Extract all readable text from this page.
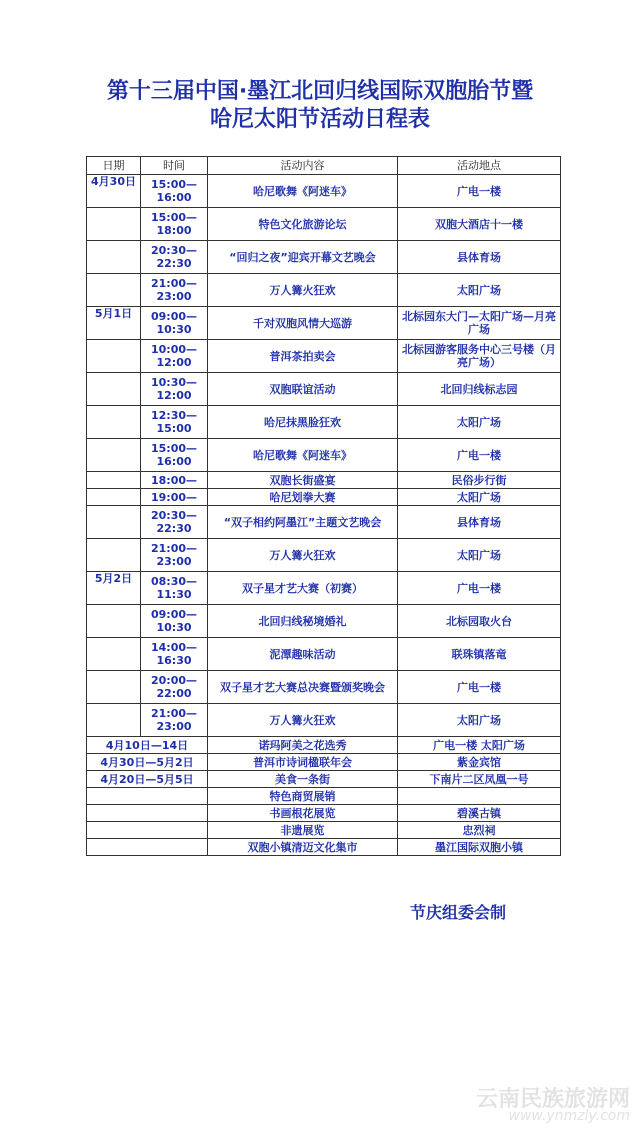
第十三届中国·墨江北回归线国际双胞胎节暨
哈尼太阳节活动日程表
日期	时间	活动内容	活动地点
4月30日	15:00—16:00	哈尼歌舞《阿迷车》	广电一楼
	15:00—18:00	特色文化旅游论坛	双胞大酒店十一楼
	20:30—22:30	“回归之夜”迎宾开幕文艺晚会	县体育场
	21:00—23:00	万人篝火狂欢	太阳广场
5月1日	09:00—10:30	千对双胞风情大巡游	北标园东大门—太阳广场—月亮广场
	10:00—12:00	普洱茶拍卖会	北标园游客服务中心三号楼（月亮广场）
	10:30—12:00	双胞联谊活动	北回归线标志园
	12:30—15:00	哈尼抹黑脸狂欢	太阳广场
	15:00—16:00	哈尼歌舞《阿迷车》	广电一楼
	18:00—	双胞长街盛宴	民俗步行街
	19:00—	哈尼划拳大赛	太阳广场
	20:30—22:30	“双子相约阿墨江”主题文艺晚会	县体育场
	21:00—23:00	万人篝火狂欢	太阳广场
5月2日	08:30—11:30	双子星才艺大赛（初赛）	广电一楼
	09:00—10:30	北回归线秘境婚礼	北标园取火台
	14:00—16:30	泥潭趣味活动	联珠镇落竜
	20:00—22:00	双子星才艺大赛总决赛暨颁奖晚会	广电一楼
	21:00—23:00	万人篝火狂欢	太阳广场
4月10日—14日		诺玛阿美之花选秀	广电一楼 太阳广场
4月30日—5月2日		普洱市诗词楹联年会	紫金宾馆
4月20日—5月5日		美食一条街	下南片二区凤凰一号
		特色商贸展销	
		书画根花展览	碧溪古镇
		非遗展览	忠烈祠
		双胞小镇清迈文化集市	墨江国际双胞小镇
节庆组委会制
云南民族旅游网
www.ynmzly.com
